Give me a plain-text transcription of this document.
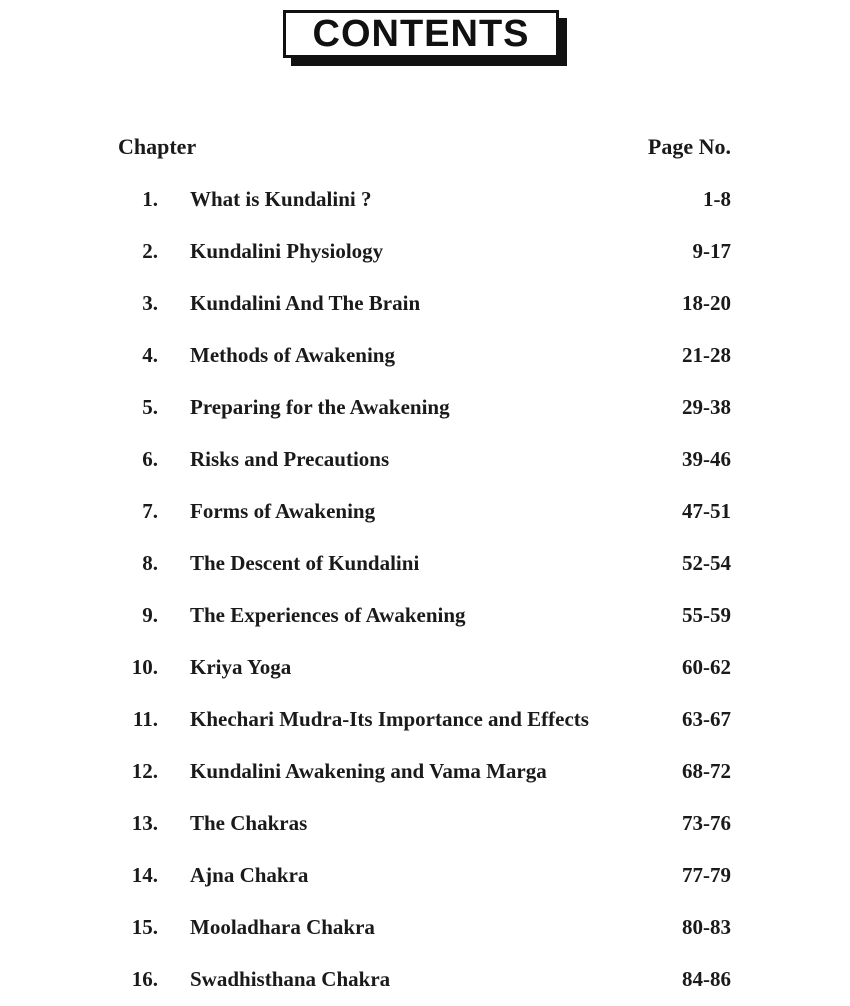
CONTENTS
Chapter	Page No.
1. What is Kundalini ?	1-8
2. Kundalini Physiology	9-17
3. Kundalini And The Brain	18-20
4. Methods of Awakening	21-28
5. Preparing for the Awakening	29-38
6. Risks and Precautions	39-46
7. Forms of Awakening	47-51
8. The Descent of Kundalini	52-54
9. The Experiences of Awakening	55-59
10. Kriya Yoga	60-62
11. Khechari Mudra-Its Importance and Effects	63-67
12. Kundalini Awakening and Vama Marga	68-72
13. The Chakras	73-76
14. Ajna Chakra	77-79
15. Mooladhara Chakra	80-83
16. Swadhisthana Chakra	84-86
